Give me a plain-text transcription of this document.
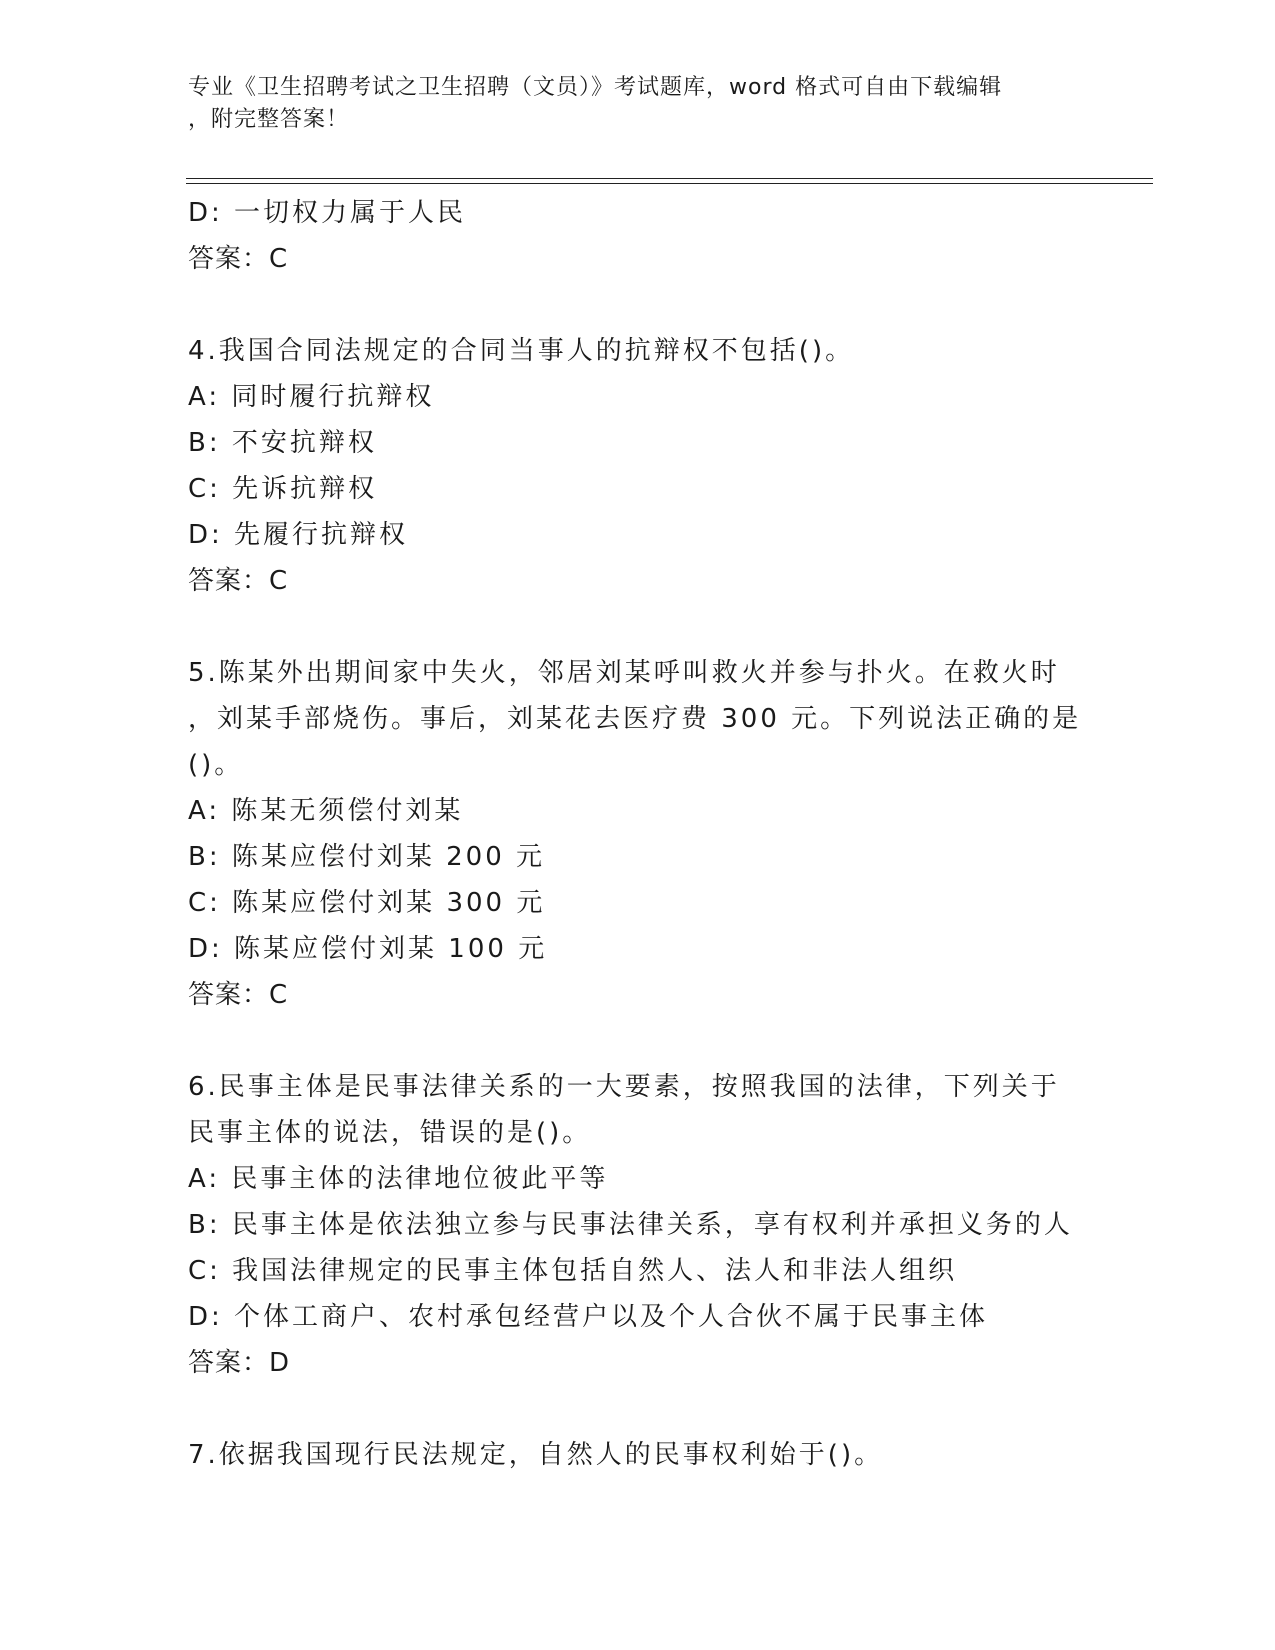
专业《卫生招聘考试之卫生招聘（文员）》考试题库，word 格式可自由下载编辑
，附完整答案！
D: 一切权力属于人民
答案：C
4.我国合同法规定的合同当事人的抗辩权不包括()。
A: 同时履行抗辩权
B: 不安抗辩权
C: 先诉抗辩权
D: 先履行抗辩权
答案：C
5.陈某外出期间家中失火，邻居刘某呼叫救火并参与扑火。在救火时
，刘某手部烧伤。事后，刘某花去医疗费 300 元。下列说法正确的是
()。
A: 陈某无须偿付刘某
B: 陈某应偿付刘某 200 元
C: 陈某应偿付刘某 300 元
D: 陈某应偿付刘某 100 元
答案：C
6.民事主体是民事法律关系的一大要素，按照我国的法律，下列关于
民事主体的说法，错误的是()。
A: 民事主体的法律地位彼此平等
B: 民事主体是依法独立参与民事法律关系，享有权利并承担义务的人
C: 我国法律规定的民事主体包括自然人、法人和非法人组织
D: 个体工商户、农村承包经营户以及个人合伙不属于民事主体
答案：D
7.依据我国现行民法规定，自然人的民事权利始于()。
